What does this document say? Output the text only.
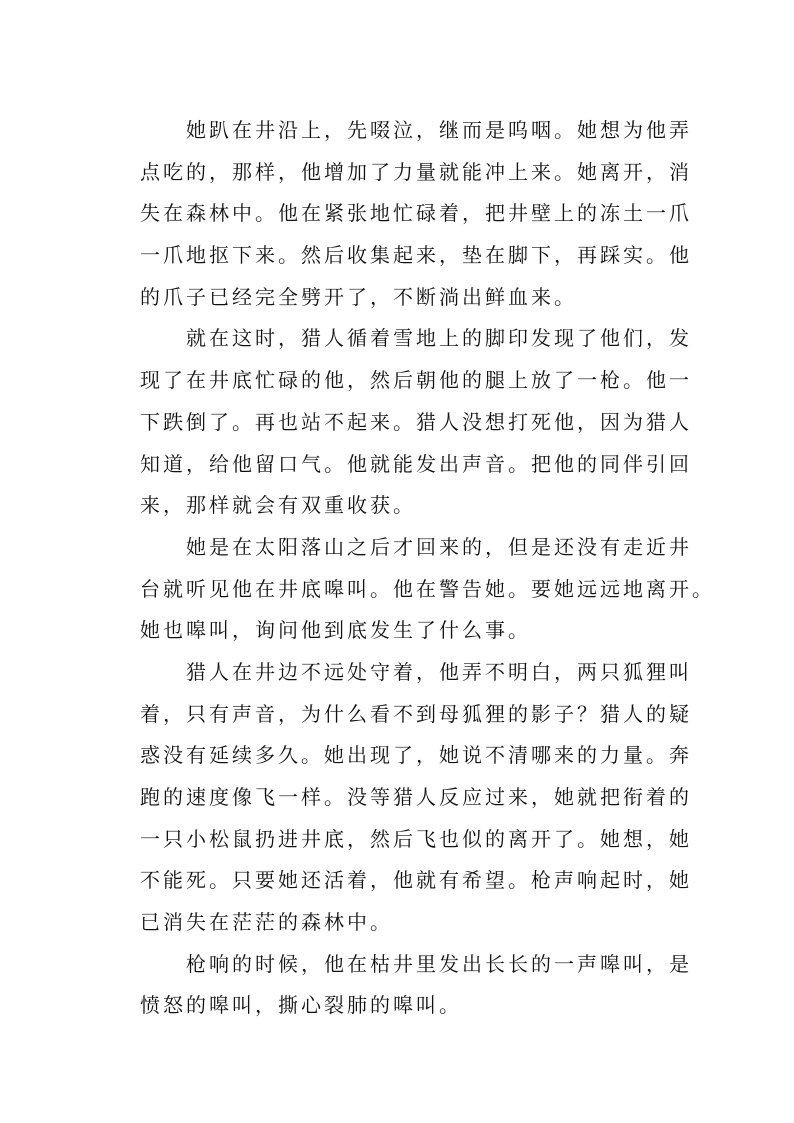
她趴在井沿上，先啜泣，继而是呜咽。她想为他弄
点吃的，那样，他增加了力量就能冲上来。她离开，消
失在森林中。他在紧张地忙碌着，把井壁上的冻土一爪
一爪地抠下来。然后收集起来，垫在脚下，再踩实。他
的爪子已经完全劈开了，不断淌出鲜血来。
就在这时，猎人循着雪地上的脚印发现了他们，发
现了在井底忙碌的他，然后朝他的腿上放了一枪。他一
下跌倒了。再也站不起来。猎人没想打死他，因为猎人
知道，给他留口气。他就能发出声音。把他的同伴引回
来，那样就会有双重收获。
她是在太阳落山之后才回来的，但是还没有走近井
台就听见他在井底嗥叫。他在警告她。要她远远地离开。
她也嗥叫，询问他到底发生了什么事。
猎人在井边不远处守着，他弄不明白，两只狐狸叫
着，只有声音，为什么看不到母狐狸的影子？猎人的疑
惑没有延续多久。她出现了，她说不清哪来的力量。奔
跑的速度像飞一样。没等猎人反应过来，她就把衔着的
一只小松鼠扔进井底，然后飞也似的离开了。她想，她
不能死。只要她还活着，他就有希望。枪声响起时，她
已消失在茫茫的森林中。
枪响的时候，他在枯井里发出长长的一声嗥叫，是
愤怒的嗥叫，撕心裂肺的嗥叫。
